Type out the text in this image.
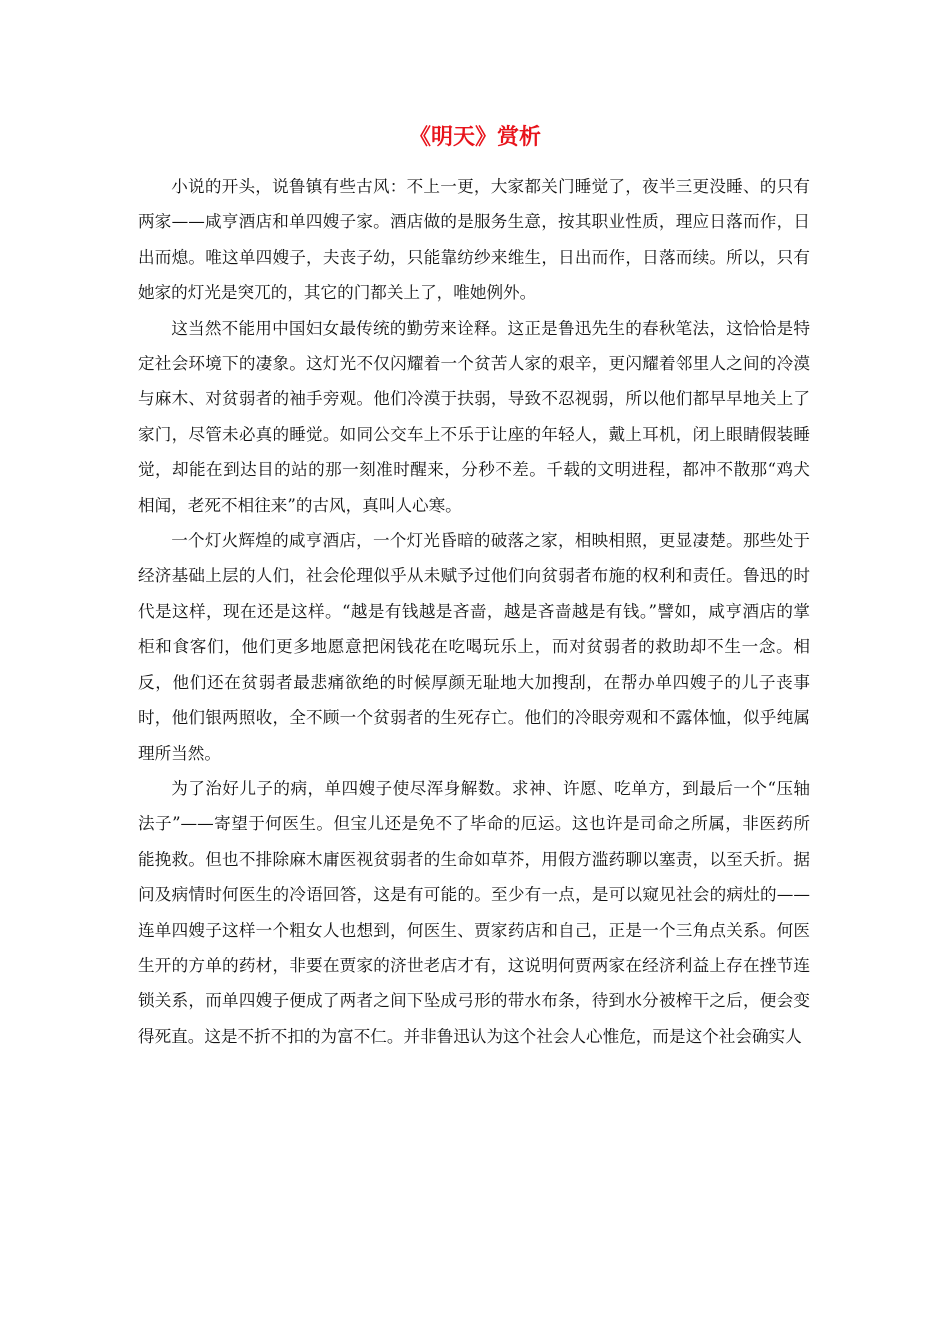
《明天》赏析

小说的开头，说鲁镇有些古风：不上一更，大家都关门睡觉了，夜半三更没睡、的只有两家——咸亨酒店和单四嫂子家。酒店做的是服务生意，按其职业性质，理应日落而作，日出而熄。唯这单四嫂子，夫丧子幼，只能靠纺纱来维生，日出而作，日落而续。所以，只有她家的灯光是突兀的，其它的门都关上了，唯她例外。

这当然不能用中国妇女最传统的勤劳来诠释。这正是鲁迅先生的春秋笔法，这恰恰是特定社会环境下的凄象。这灯光不仅闪耀着一个贫苦人家的艰辛，更闪耀着邻里人之间的冷漠与麻木、对贫弱者的袖手旁观。他们冷漠于扶弱，导致不忍视弱，所以他们都早早地关上了家门，尽管未必真的睡觉。如同公交车上不乐于让座的年轻人，戴上耳机，闭上眼睛假装睡觉，却能在到达目的站的那一刻准时醒来，分秒不差。千载的文明进程，都冲不散那“鸡犬相闻，老死不相往来”的古风，真叫人心寒。

一个灯火辉煌的咸亨酒店，一个灯光昏暗的破落之家，相映相照，更显凄楚。那些处于经济基础上层的人们，社会伦理似乎从未赋予过他们向贫弱者布施的权利和责任。鲁迅的时代是这样，现在还是这样。“越是有钱越是吝啬，越是吝啬越是有钱。”譬如，咸亨酒店的掌柜和食客们，他们更多地愿意把闲钱花在吃喝玩乐上，而对贫弱者的救助却不生一念。相反，他们还在贫弱者最悲痛欲绝的时候厚颜无耻地大加搜刮，在帮办单四嫂子的儿子丧事时，他们银两照收，全不顾一个贫弱者的生死存亡。他们的冷眼旁观和不露体恤，似乎纯属理所当然。

为了治好儿子的病，单四嫂子使尽浑身解数。求神、许愿、吃单方，到最后一个“压轴法子”——寄望于何医生。但宝儿还是免不了毕命的厄运。这也许是司命之所属，非医药所能挽救。但也不排除麻木庸医视贫弱者的生命如草芥，用假方滥药聊以塞责，以至夭折。据问及病情时何医生的冷语回答，这是有可能的。至少有一点，是可以窥见社会的病灶的——连单四嫂子这样一个粗女人也想到，何医生、贾家药店和自己，正是一个三角点关系。何医生开的方单的药材，非要在贾家的济世老店才有，这说明何贾两家在经济利益上存在挫节连锁关系，而单四嫂子便成了两者之间下坠成弓形的带水布条，待到水分被榨干之后，便会变得死直。这是不折不扣的为富不仁。并非鲁迅认为这个社会人心惟危，而是这个社会确实人
